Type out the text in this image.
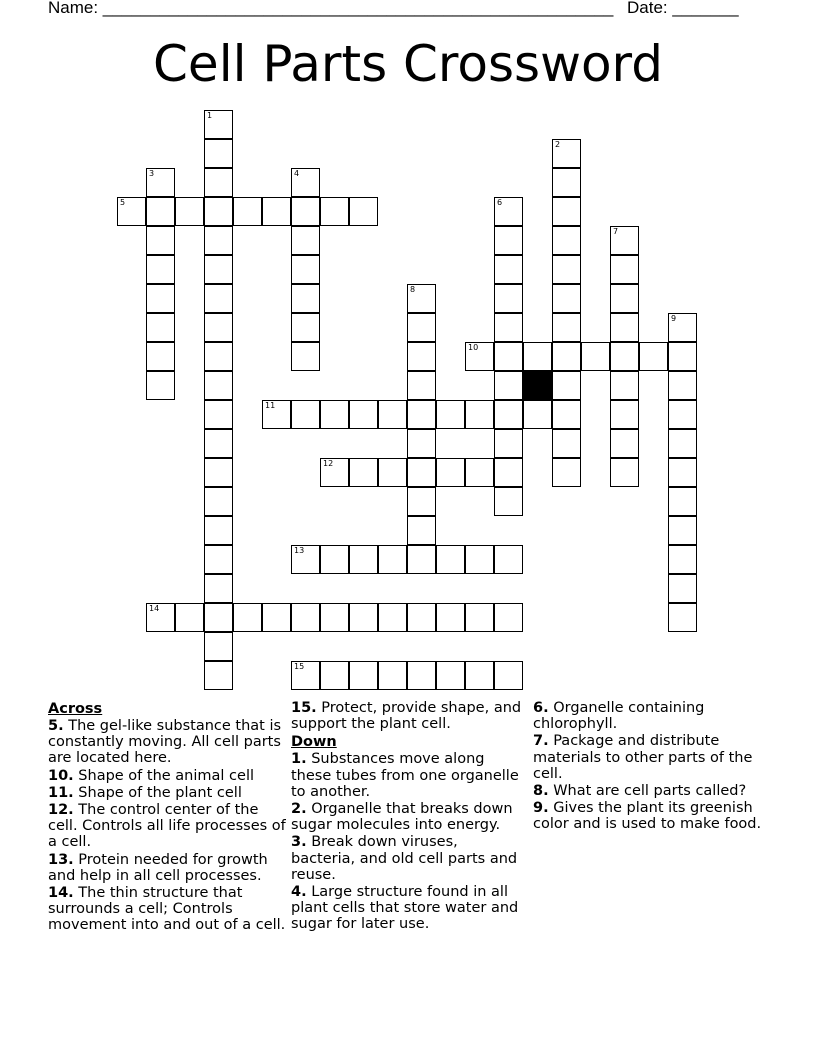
Name: ______________________________________________________ Date: _______
Cell Parts Crossword
1
2
3	4
5	6
7
8
9
10
11
12
13
14
15
Across
5. The gel-like substance that is constantly moving. All cell parts are located here.
10. Shape of the animal cell
11. Shape of the plant cell
12. The control center of the cell. Controls all life processes of a cell.
13. Protein needed for growth and help in all cell processes.
14. The thin structure that surrounds a cell; Controls movement into and out of a cell.
15. Protect, provide shape, and support the plant cell.
Down
1. Substances move along these tubes from one organelle to another.
2. Organelle that breaks down sugar molecules into energy.
3. Break down viruses, bacteria, and old cell parts and reuse.
4. Large structure found in all plant cells that store water and sugar for later use.
6. Organelle containing chlorophyll.
7. Package and distribute materials to other parts of the cell.
8. What are cell parts called?
9. Gives the plant its greenish color and is used to make food.
